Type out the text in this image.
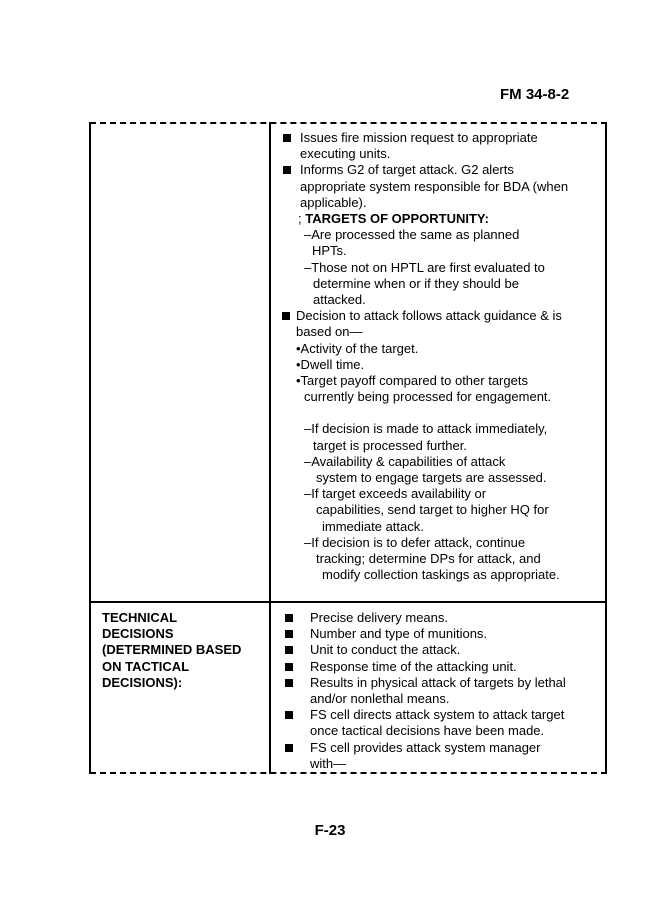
FM 34-8-2
Issues fire mission request to appropriate
executing units.
Informs G2 of target attack. G2 alerts
appropriate system responsible for BDA (when
applicable).
; TARGETS OF OPPORTUNITY:
–Are processed the same as planned
HPTs.
–Those not on HPTL are first evaluated to
determine when or if they should be
attacked.
Decision to attack follows attack guidance & is
based on—
•Activity of the target.
•Dwell time.
•Target payoff compared to other targets
currently being processed for engagement.
–If decision is made to attack immediately,
target is processed further.
–Availability & capabilities of attack
system to engage targets are assessed.
–If target exceeds availability or
capabilities, send target to higher HQ for
immediate attack.
–If decision is to defer attack, continue
tracking; determine DPs for attack, and
modify collection taskings as appropriate.
TECHNICAL
DECISIONS
(DETERMINED BASED
ON TACTICAL
DECISIONS):
Precise delivery means.
Number and type of munitions.
Unit to conduct the attack.
Response time of the attacking unit.
Results in physical attack of targets by lethal
and/or nonlethal means.
FS cell directs attack system to attack target
once tactical decisions have been made.
FS cell provides attack system manager
with—
F-23
